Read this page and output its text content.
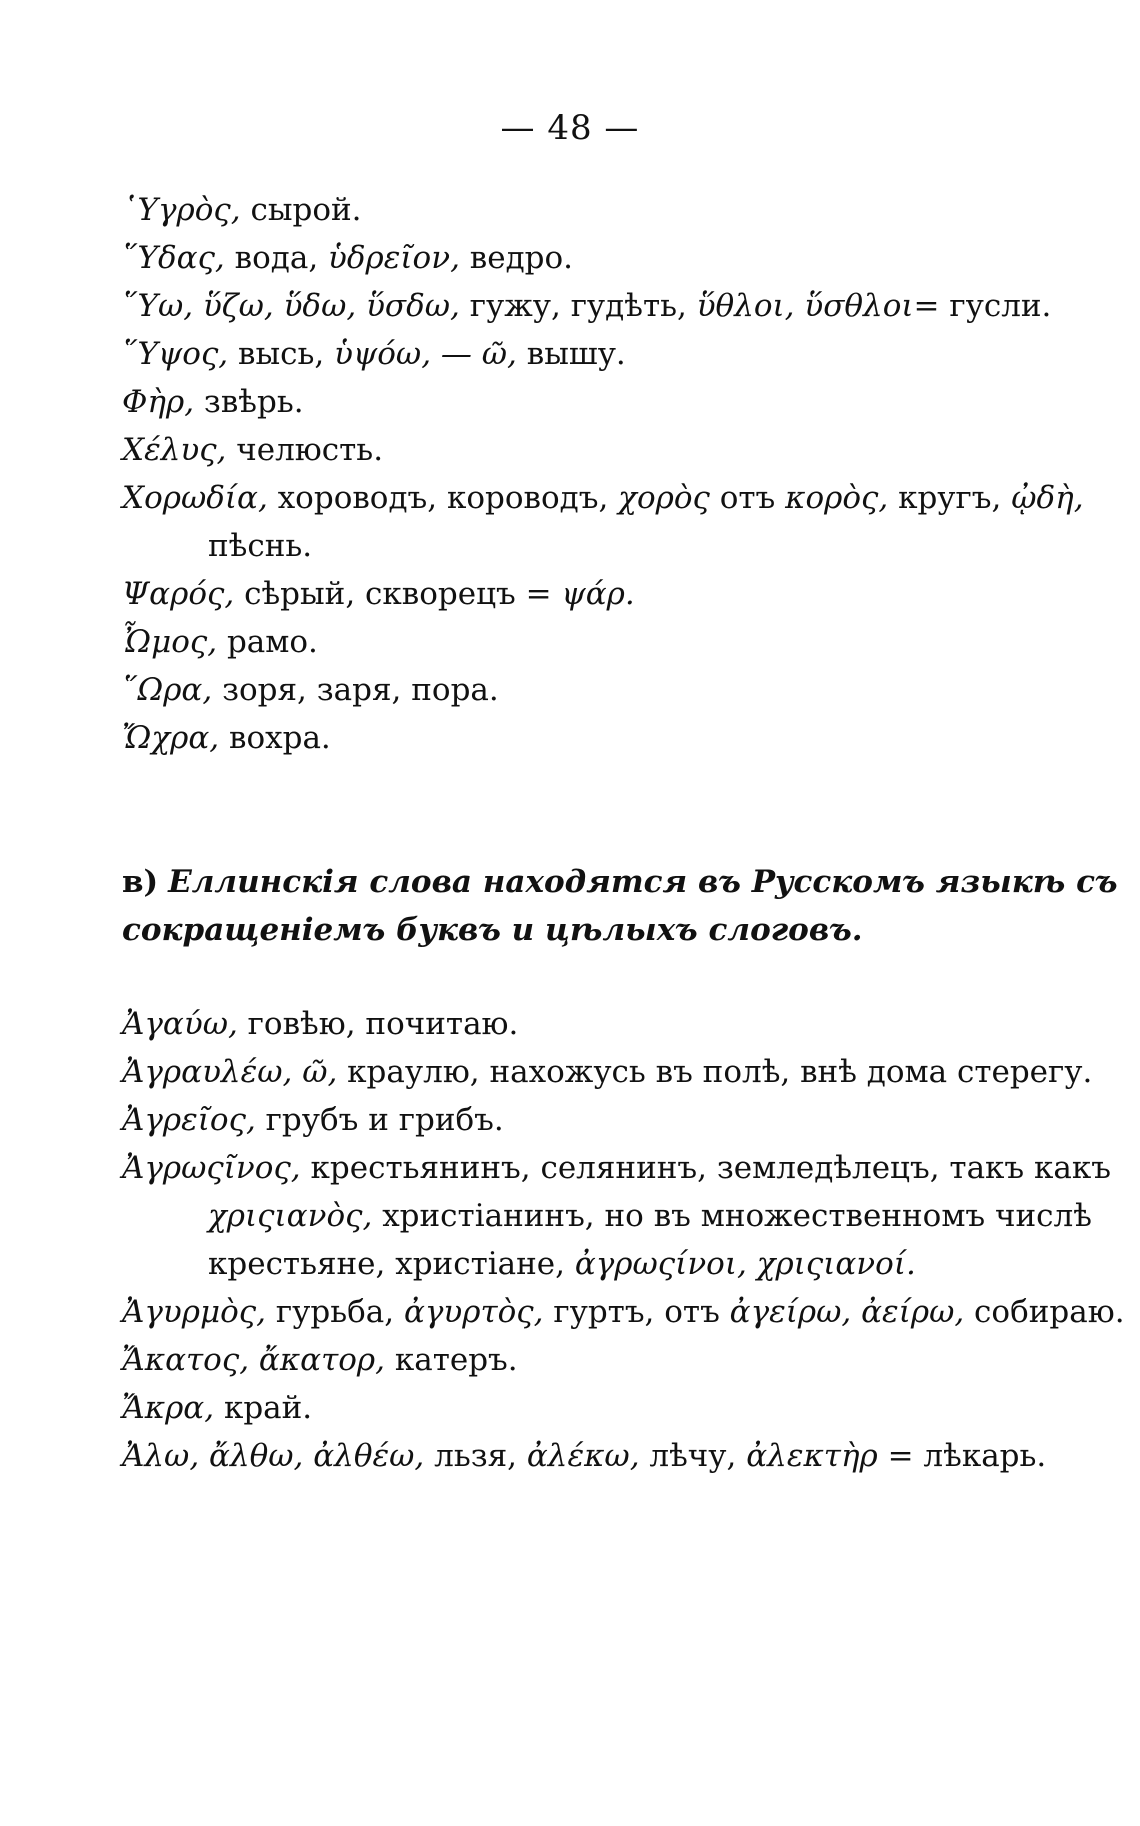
— 48 —
῾Υγρὸς, сырой.
῞Υδας, вода, ὑδρεῖον, ведро.
῞Υω, ὕζω, ὕδω, ὕσδω, гужу, гудѣть, ὕθλοι, ὕσθλοι= гусли.
῞Υψος, высь, ὑψόω, — ῶ, вышу.
Φὴρ, звѣрь.
Χέλυς, челюсть.
Χορωδία, хороводъ, короводъ, χορὸς отъ κορὸς, кругъ, ᾠδὴ, пѣснь.
Ψαρός, сѣрый, скворецъ = ψάρ.
Ὦμος, рамо.
῞Ωρα, зоря, заря, пора.
Ὤχρα, вохра.
в) Еллинскія слова находятся въ Русскомъ языкѣ съ сокращеніемъ буквъ и цѣлыхъ слоговъ.
Ἀγαύω, говѣю, почитаю.
Ἀγραυλέω, ῶ, краулю, нахожусь въ полѣ, внѣ дома стерегу.
Ἀγρεῖος, грубъ и грибъ.
Ἀγρωςῖνος, крестьянинъ, селянинъ, земледѣлецъ, такъ какъ χριςιανὸς, христіанинъ, но въ множественномъ числѣ крестьяне, христіане, ἀγρωςίνοι, χριςιανοί.
Ἀγυρμὸς, гурьба, ἀγυρτὸς, гуртъ, отъ ἀγείρω, ἀείρω, собираю.
Ἄκατος, ἄκατορ, катеръ.
Ἄκρα, край.
Ἀλω, ἄλθω, ἀλθέω, льзя, ἀλέκω, лѣчу, ἀλεκτὴρ = лѣкарь.
